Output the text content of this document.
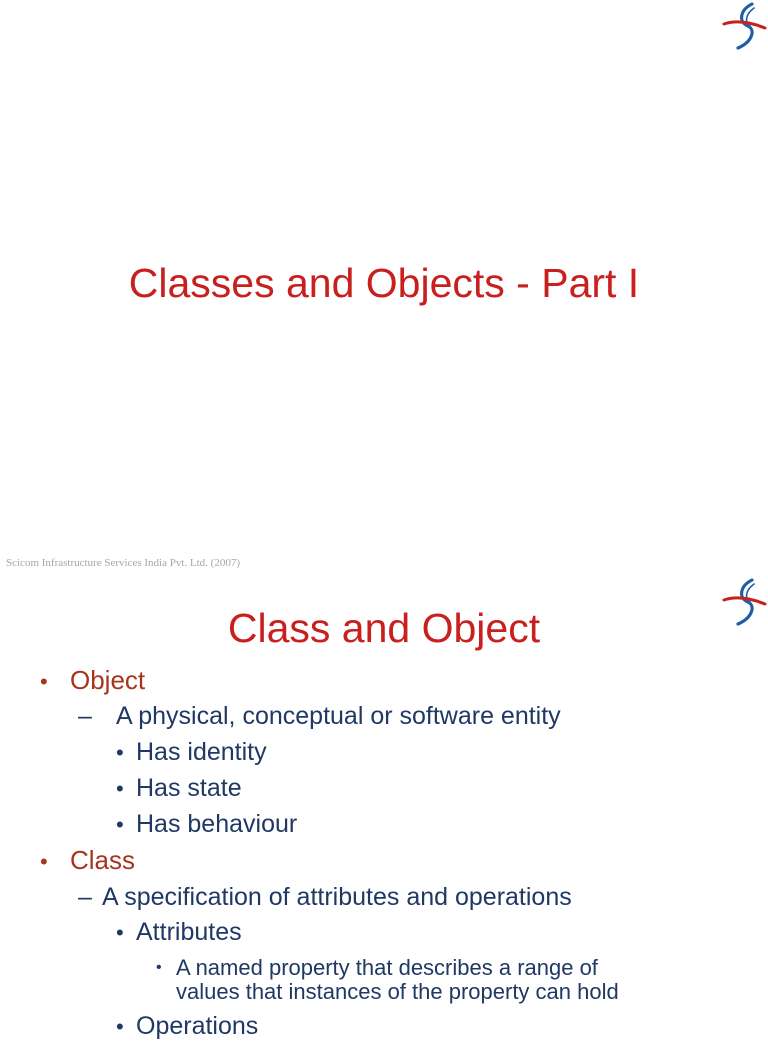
Classes and Objects - Part I
Scicom Infrastructure Services India Pvt. Ltd. (2007)
Class and Object
• Object
– A physical, conceptual or software entity
• Has identity
• Has state
• Has behaviour
• Class
– A specification of attributes and operations
• Attributes
• A named property that describes a range of
values that instances of the property can hold
• Operations
